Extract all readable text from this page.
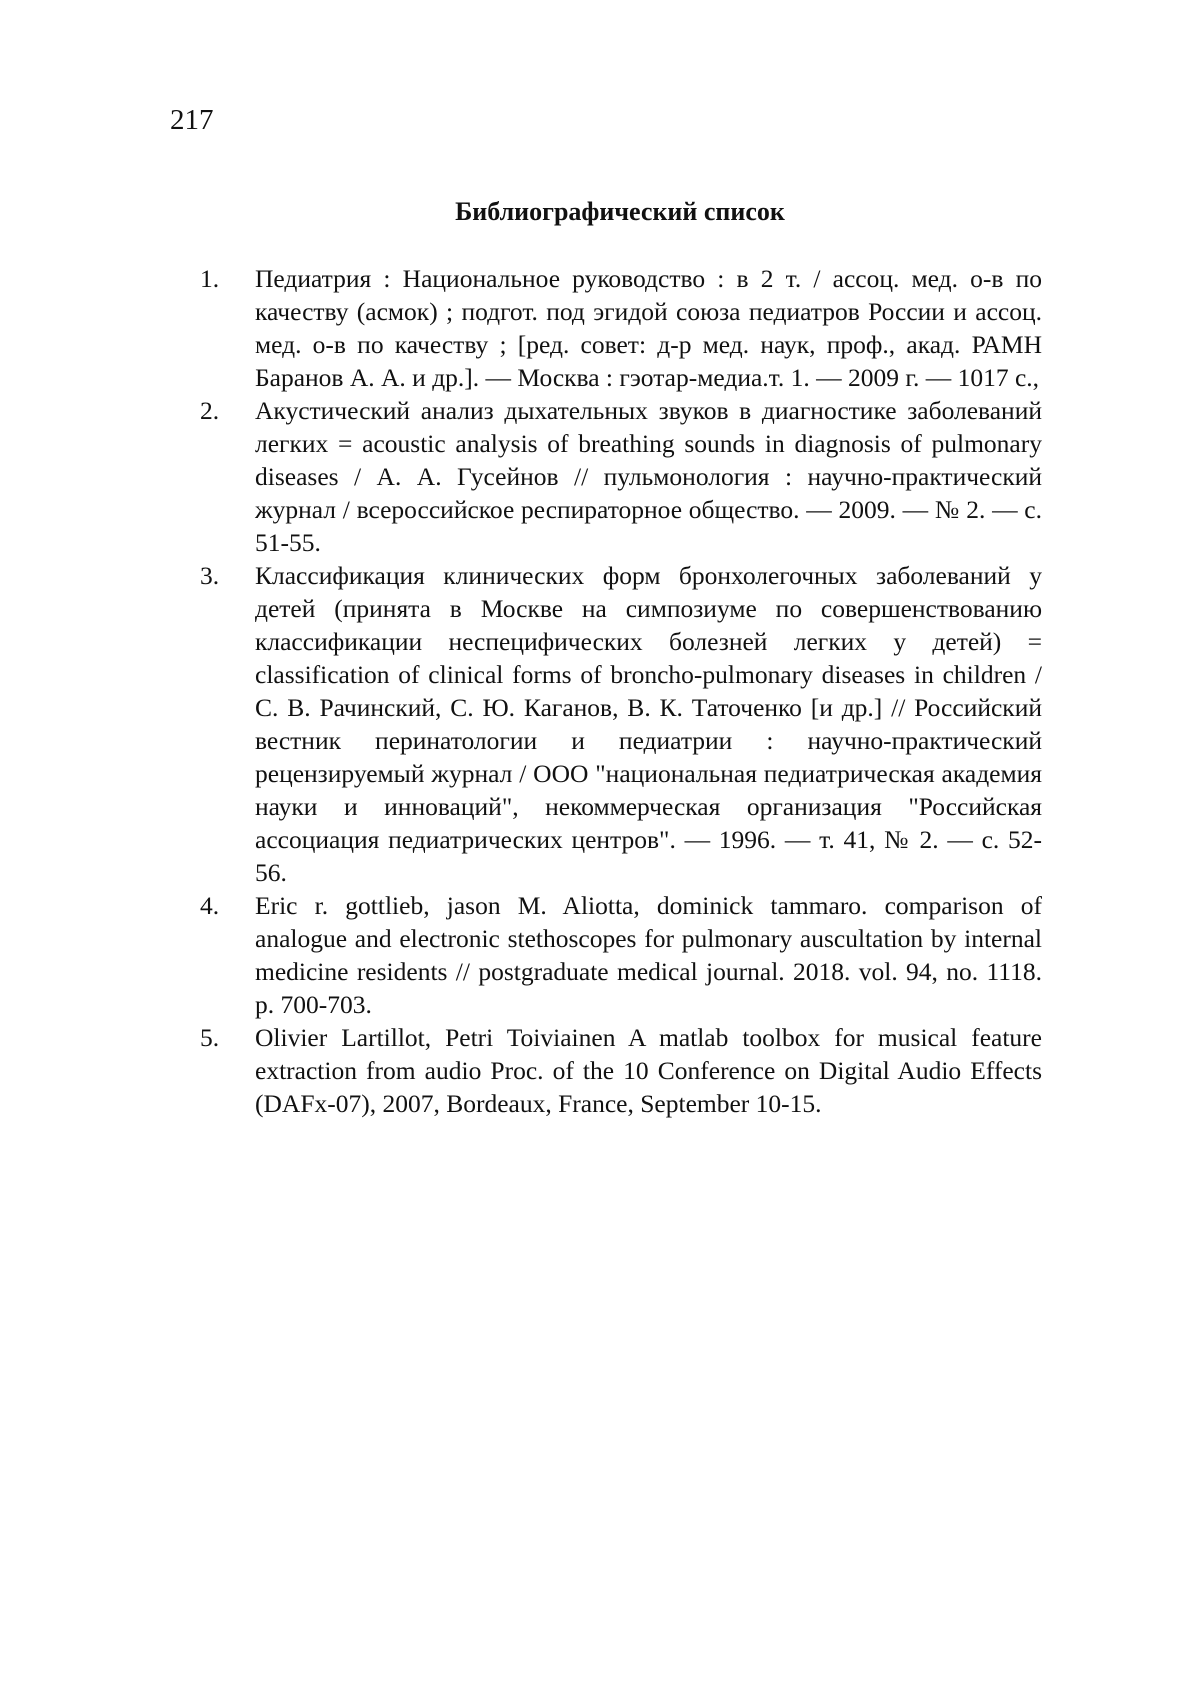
217
Библиографический список
1.	Педиатрия : Национальное руководство : в 2 т. / ассоц. мед. о-в по качеству (асмок) ; подгот. под эгидой союза педиатров России и ассоц. мед. о-в по качеству ; [ред. совет: д-р мед. наук, проф., акад. РАМН Баранов А. А. и др.]. — Москва : гэотар-медиа.т. 1. — 2009 г. — 1017 с.,
2.	Акустический анализ дыхательных звуков в диагностике заболеваний легких = acoustic analysis of breathing sounds in diagnosis of pulmonary diseases / А. А. Гусейнов // пульмонология : научно-практический журнал / всероссийское респираторное общество. — 2009. — № 2. — с. 51-55.
3.	Классификация клинических форм бронхолегочных заболеваний у детей (принята в Москве на симпозиуме по совершенствованию классификации неспецифических болезней легких у детей) = classification of clinical forms of broncho-pulmonary diseases in children /С. В. Рачинский, С. Ю. Каганов, В. К. Таточенко [и др.] // Российский вестник перинатологии и педиатрии : научно-практический рецензируемый журнал / ООО "национальная педиатрическая академия науки и инноваций", некоммерческая организация "Российская ассоциация педиатрических центров". — 1996. — т. 41, № 2. — с. 52-56.
4.	Eric r. gottlieb, jason M. Aliotta, dominick tammaro. comparison of analogue and electronic stethoscopes for pulmonary auscultation by internal medicine residents // postgraduate medical journal. 2018. vol. 94, no. 1118. p. 700-703.
5.	Olivier Lartillot, Petri Toiviainen A matlab toolbox for musical feature extraction from audio Proc. of the 10 Conference on Digital Audio Effects (DAFx-07), 2007, Bordeaux, France, September 10-15.
